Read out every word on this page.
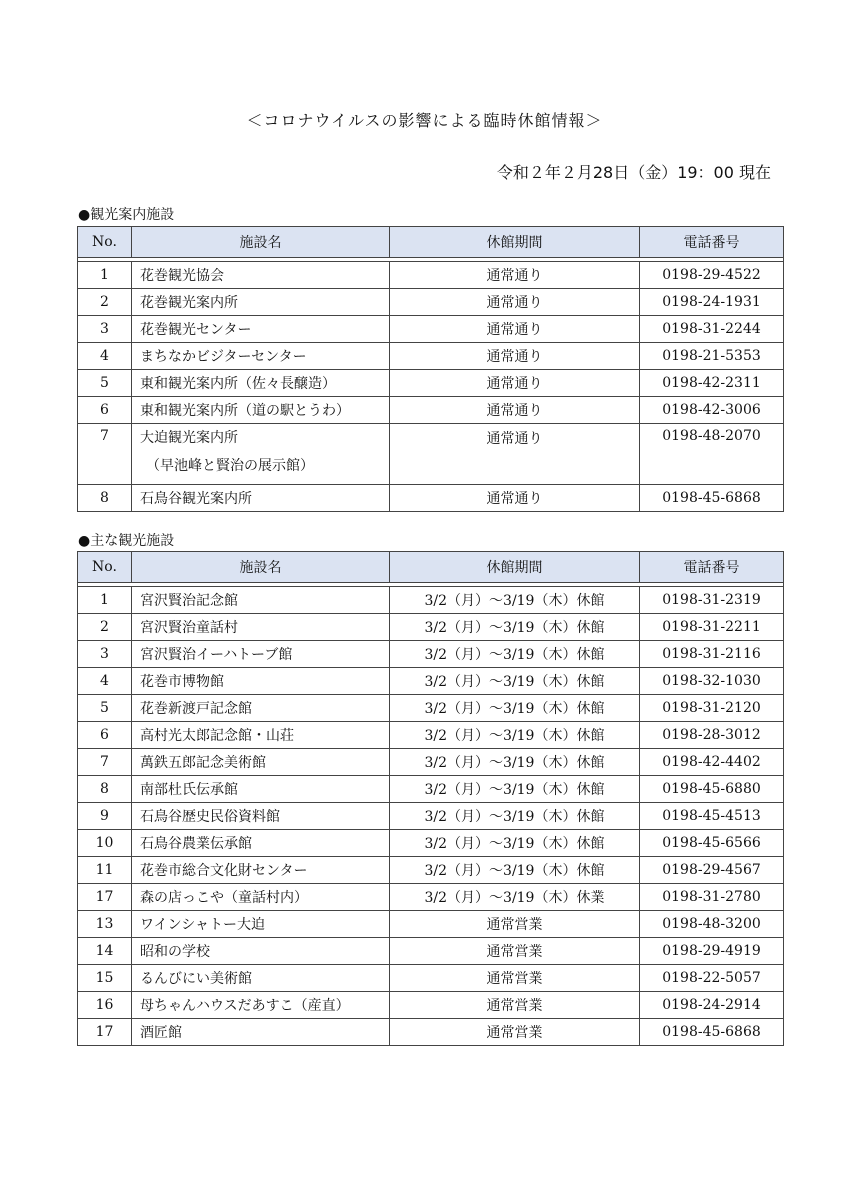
＜コロナウイルスの影響による臨時休館情報＞
令和２年２月28日（金）19：00 現在
●観光案内施設
No.	施設名	休館期間	電話番号

1	花巻観光協会	通常通り	0198-29-4522
2	花巻観光案内所	通常通り	0198-24-1931
3	花巻観光センター	通常通り	0198-31-2244
4	まちなかビジターセンター	通常通り	0198-21-5353
5	東和観光案内所（佐々長醸造）	通常通り	0198-42-2311
6	東和観光案内所（道の駅とうわ）	通常通り	0198-42-3006
7	大迫観光案内所
（早池峰と賢治の展示館）	通常通り	0198-48-2070
8	石鳥谷観光案内所	通常通り	0198-45-6868
●主な観光施設
No.	施設名	休館期間	電話番号

1	宮沢賢治記念館	3/2（月）～3/19（木）休館	0198-31-2319
2	宮沢賢治童話村	3/2（月）～3/19（木）休館	0198-31-2211
3	宮沢賢治イーハトーブ館	3/2（月）～3/19（木）休館	0198-31-2116
4	花巻市博物館	3/2（月）～3/19（木）休館	0198-32-1030
5	花巻新渡戸記念館	3/2（月）～3/19（木）休館	0198-31-2120
6	高村光太郎記念館・山荘	3/2（月）～3/19（木）休館	0198-28-3012
7	萬鉄五郎記念美術館	3/2（月）～3/19（木）休館	0198-42-4402
8	南部杜氏伝承館	3/2（月）～3/19（木）休館	0198-45-6880
9	石鳥谷歴史民俗資料館	3/2（月）～3/19（木）休館	0198-45-4513
10	石鳥谷農業伝承館	3/2（月）～3/19（木）休館	0198-45-6566
11	花巻市総合文化財センター	3/2（月）～3/19（木）休館	0198-29-4567
17	森の店っこや（童話村内）	3/2（月）～3/19（木）休業	0198-31-2780
13	ワインシャトー大迫	通常営業	0198-48-3200
14	昭和の学校	通常営業	0198-29-4919
15	るんびにい美術館	通常営業	0198-22-5057
16	母ちゃんハウスだあすこ（産直）	通常営業	0198-24-2914
17	酒匠館	通常営業	0198-45-6868
